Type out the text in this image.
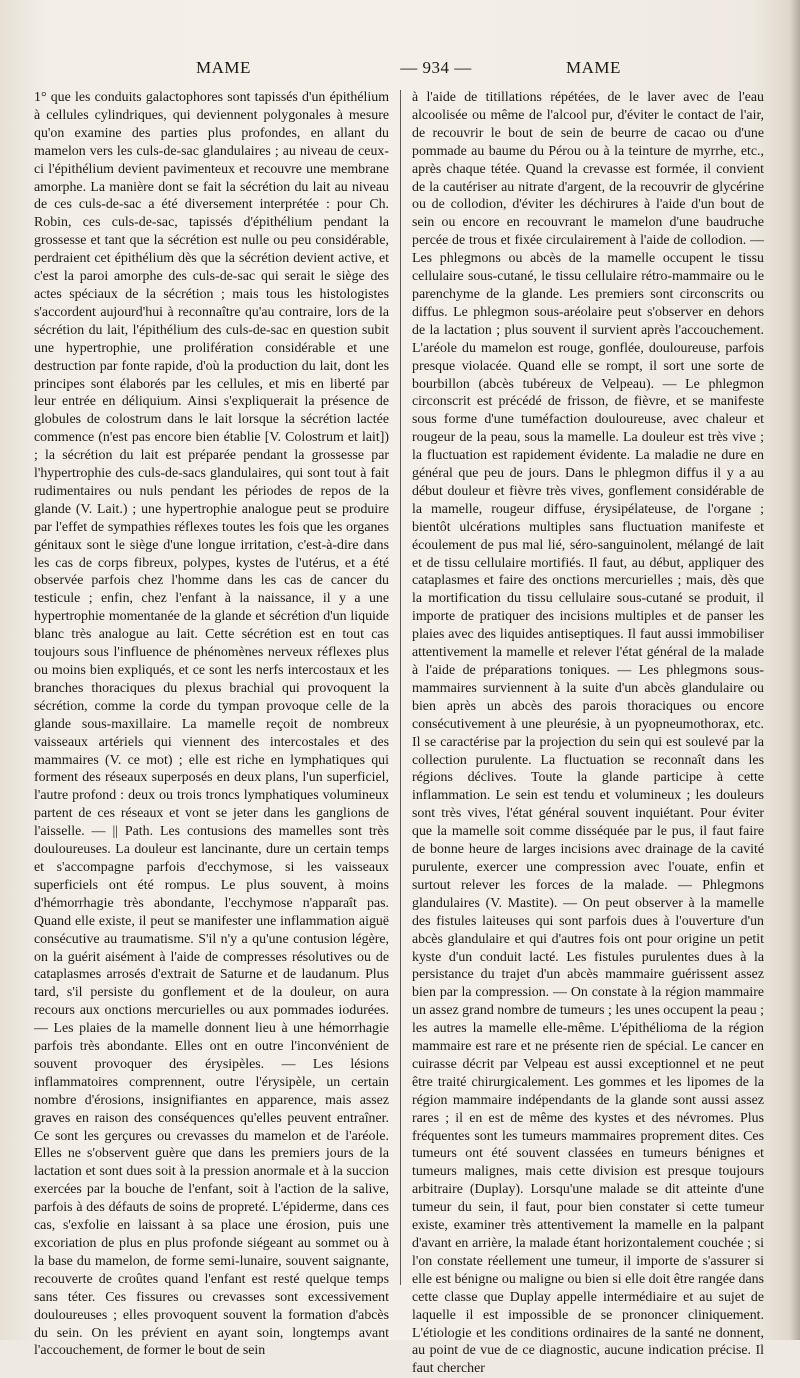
MAME	— 934 —	MAME

1° que les conduits galactophores sont tapissés d'un épithélium à cellules cylindriques, qui deviennent polygonales à mesure qu'on examine des parties plus profondes, en allant du mamelon vers les culs-de-sac glandulaires ; au niveau de ceux-ci l'épithélium devient pavimenteux et recouvre une membrane amorphe. La manière dont se fait la sécrétion du lait au niveau de ces culs-de-sac a été diversement interprétée : pour Ch. Robin, ces culs-de-sac, tapissés d'épithélium pendant la grossesse et tant que la sécrétion est nulle ou peu considérable, perdraient cet épithélium dès que la sécrétion devient active, et c'est la paroi amorphe des culs-de-sac qui serait le siège des actes spéciaux de la sécrétion ; mais tous les histologistes s'accordent aujourd'hui à reconnaître qu'au contraire, lors de la sécrétion du lait, l'épithélium des culs-de-sac en question subit une hypertrophie, une prolifération considérable et une destruction par fonte rapide, d'où la production du lait, dont les principes sont élaborés par les cellules, et mis en liberté par leur entrée en déliquium. Ainsi s'expliquerait la présence de globules de colostrum dans le lait lorsque la sécrétion lactée commence (n'est pas encore bien établie [V. Colostrum et lait]) ; la sécrétion du lait est préparée pendant la grossesse par l'hypertrophie des culs-de-sacs glandulaires, qui sont tout à fait rudimentaires ou nuls pendant les périodes de repos de la glande (V. Lait.) ; une hypertrophie analogue peut se produire par l'effet de sympathies réflexes toutes les fois que les organes génitaux sont le siège d'une longue irritation, c'est-à-dire dans les cas de corps fibreux, polypes, kystes de l'utérus, et a été observée parfois chez l'homme dans les cas de cancer du testicule ; enfin, chez l'enfant à la naissance, il y a une hypertrophie momentanée de la glande et sécrétion d'un liquide blanc très analogue au lait. Cette sécrétion est en tout cas toujours sous l'influence de phénomènes nerveux réflexes plus ou moins bien expliqués, et ce sont les nerfs intercostaux et les branches thoraciques du plexus brachial qui provoquent la sécrétion, comme la corde du tympan provoque celle de la glande sous-maxillaire. La mamelle reçoit de nombreux vaisseaux artériels qui viennent des intercostales et des mammaires (V. ce mot) ; elle est riche en lymphatiques qui forment des réseaux superposés en deux plans, l'un superficiel, l'autre profond : deux ou trois troncs lymphatiques volumineux partent de ces réseaux et vont se jeter dans les ganglions de l'aisselle. — || Path. Les contusions des mamelles sont très douloureuses. La douleur est lancinante, dure un certain temps et s'accompagne parfois d'ecchymose, si les vaisseaux superficiels ont été rompus. Le plus souvent, à moins d'hémorrhagie très abondante, l'ecchymose n'apparaît pas. Quand elle existe, il peut se manifester une inflammation aiguë consécutive au traumatisme. S'il n'y a qu'une contusion légère, on la guérit aisément à l'aide de compresses résolutives ou de cataplasmes arrosés d'extrait de Saturne et de laudanum. Plus tard, s'il persiste du gonflement et de la douleur, on aura recours aux onctions mercurielles ou aux pommades iodurées. — Les plaies de la mamelle donnent lieu à une hémorrhagie parfois très abondante. Elles ont en outre l'inconvénient de souvent provoquer des érysipèles. — Les lésions inflammatoires comprennent, outre l'érysipèle, un certain nombre d'érosions, insignifiantes en apparence, mais assez graves en raison des conséquences qu'elles peuvent entraîner. Ce sont les gerçures ou crevasses du mamelon et de l'aréole. Elles ne s'observent guère que dans les premiers jours de la lactation et sont dues soit à la pression anormale et à la succion exercées par la bouche de l'enfant, soit à l'action de la salive, parfois à des défauts de soins de propreté. L'épiderme, dans ces cas, s'exfolie en laissant à sa place une érosion, puis une excoriation de plus en plus profonde siégeant au sommet ou à la base du mamelon, de forme semi-lunaire, souvent saignante, recouverte de croûtes quand l'enfant est resté quelque temps sans téter. Ces fissures ou crevasses sont excessivement douloureuses ; elles provoquent souvent la formation d'abcès du sein. On les prévient en ayant soin, longtemps avant l'accouchement, de former le bout de sein

à l'aide de titillations répétées, de le laver avec de l'eau alcoolisée ou même de l'alcool pur, d'éviter le contact de l'air, de recouvrir le bout de sein de beurre de cacao ou d'une pommade au baume du Pérou ou à la teinture de myrrhe, etc., après chaque tétée. Quand la crevasse est formée, il convient de la cautériser au nitrate d'argent, de la recouvrir de glycérine ou de collodion, d'éviter les déchirures à l'aide d'un bout de sein ou encore en recouvrant le mamelon d'une baudruche percée de trous et fixée circulairement à l'aide de collodion. — Les phlegmons ou abcès de la mamelle occupent le tissu cellulaire sous-cutané, le tissu cellulaire rétro-mammaire ou le parenchyme de la glande. Les premiers sont circonscrits ou diffus. Le phlegmon sous-aréolaire peut s'observer en dehors de la lactation ; plus souvent il survient après l'accouchement. L'aréole du mamelon est rouge, gonflée, douloureuse, parfois presque violacée. Quand elle se rompt, il sort une sorte de bourbillon (abcès tubéreux de Velpeau). — Le phlegmon circonscrit est précédé de frisson, de fièvre, et se manifeste sous forme d'une tuméfaction douloureuse, avec chaleur et rougeur de la peau, sous la mamelle. La douleur est très vive ; la fluctuation est rapidement évidente. La maladie ne dure en général que peu de jours. Dans le phlegmon diffus il y a au début douleur et fièvre très vives, gonflement considérable de la mamelle, rougeur diffuse, érysipélateuse, de l'organe ; bientôt ulcérations multiples sans fluctuation manifeste et écoulement de pus mal lié, séro-sanguinolent, mélangé de lait et de tissu cellulaire mortifiés. Il faut, au début, appliquer des cataplasmes et faire des onctions mercurielles ; mais, dès que la mortification du tissu cellulaire sous-cutané se produit, il importe de pratiquer des incisions multiples et de panser les plaies avec des liquides antiseptiques. Il faut aussi immobiliser attentivement la mamelle et relever l'état général de la malade à l'aide de préparations toniques. — Les phlegmons sous-mammaires surviennent à la suite d'un abcès glandulaire ou bien après un abcès des parois thoraciques ou encore consécutivement à une pleurésie, à un pyopneumothorax, etc. Il se caractérise par la projection du sein qui est soulevé par la collection purulente. La fluctuation se reconnaît dans les régions déclives. Toute la glande participe à cette inflammation. Le sein est tendu et volumineux ; les douleurs sont très vives, l'état général souvent inquiétant. Pour éviter que la mamelle soit comme disséquée par le pus, il faut faire de bonne heure de larges incisions avec drainage de la cavité purulente, exercer une compression avec l'ouate, enfin et surtout relever les forces de la malade. — Phlegmons glandulaires (V. Mastite). — On peut observer à la mamelle des fistules laiteuses qui sont parfois dues à l'ouverture d'un abcès glandulaire et qui d'autres fois ont pour origine un petit kyste d'un conduit lacté. Les fistules purulentes dues à la persistance du trajet d'un abcès mammaire guérissent assez bien par la compression. — On constate à la région mammaire un assez grand nombre de tumeurs ; les unes occupent la peau ; les autres la mamelle elle-même. L'épithélioma de la région mammaire est rare et ne présente rien de spécial. Le cancer en cuirasse décrit par Velpeau est aussi exceptionnel et ne peut être traité chirurgicalement. Les gommes et les lipomes de la région mammaire indépendants de la glande sont aussi assez rares ; il en est de même des kystes et des névromes. Plus fréquentes sont les tumeurs mammaires proprement dites. Ces tumeurs ont été souvent classées en tumeurs bénignes et tumeurs malignes, mais cette division est presque toujours arbitraire (Duplay). Lorsqu'une malade se dit atteinte d'une tumeur du sein, il faut, pour bien constater si cette tumeur existe, examiner très attentivement la mamelle en la palpant d'avant en arrière, la malade étant horizontalement couchée ; si l'on constate réellement une tumeur, il importe de s'assurer si elle est bénigne ou maligne ou bien si elle doit être rangée dans cette classe que Duplay appelle intermédiaire et au sujet de laquelle il est impossible de se prononcer cliniquement. L'étiologie et les conditions ordinaires de la santé ne donnent, au point de vue de ce diagnostic, aucune indication précise. Il faut chercher
